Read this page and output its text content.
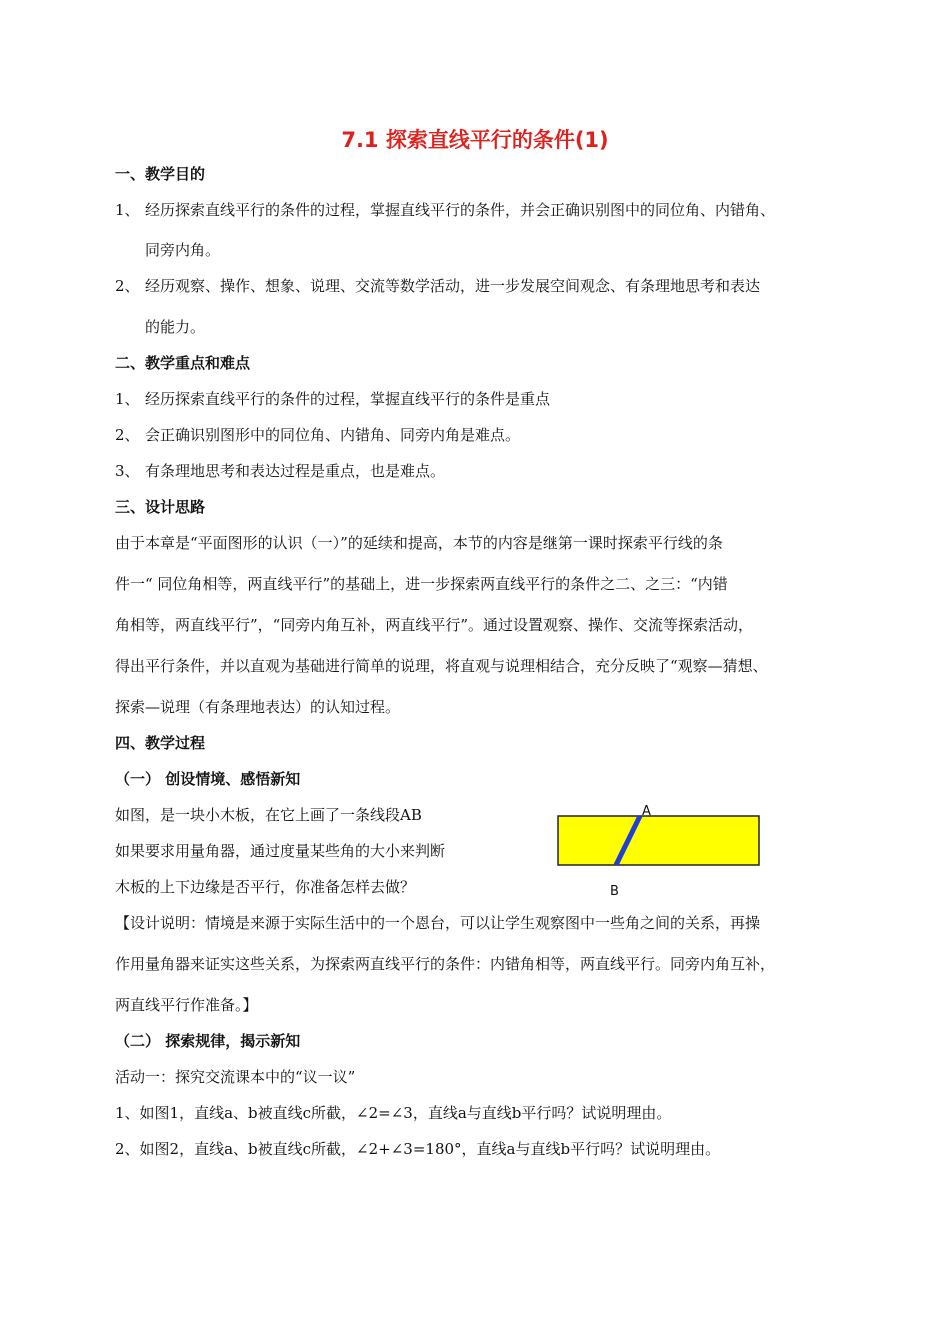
7.1 探索直线平行的条件(1)
一、教学目的
1、 经历探索直线平行的条件的过程，掌握直线平行的条件，并会正确识别图中的同位角、内错角、
同旁内角。
2、 经历观察、操作、想象、说理、交流等数学活动，进一步发展空间观念、有条理地思考和表达
的能力。
二、教学重点和难点
1、 经历探索直线平行的条件的过程，掌握直线平行的条件是重点
2、 会正确识别图形中的同位角、内错角、同旁内角是难点。
3、 有条理地思考和表达过程是重点，也是难点。
三、设计思路
由于本章是“平面图形的认识（一）”的延续和提高，本节的内容是继第一课时探索平行线的条
件一“ 同位角相等，两直线平行”的基础上，进一步探索两直线平行的条件之二、之三：“内错
角相等，两直线平行”，“同旁内角互补，两直线平行”。通过设置观察、操作、交流等探索活动，
得出平行条件，并以直观为基础进行简单的说理，将直观与说理相结合，充分反映了“观察—猜想、
探索—说理（有条理地表达）的认知过程。
四、教学过程
（一） 创设情境、感悟新知
如图，是一块小木板，在它上画了一条线段AB
如果要求用量角器，通过度量某些角的大小来判断
木板的上下边缘是否平行，你准备怎样去做？
A
B
【设计说明：情境是来源于实际生活中的一个恩台，可以让学生观察图中一些角之间的关系，再操
作用量角器来证实这些关系，为探索两直线平行的条件：内错角相等，两直线平行。同旁内角互补，
两直线平行作准备。】
（二） 探索规律，揭示新知
活动一：探究交流课本中的“议一议”
1、如图1，直线a、b被直线c所截，∠2=∠3，直线a与直线b平行吗？试说明理由。
2、如图2，直线a、b被直线c所截，∠2+∠3=180°，直线a与直线b平行吗？试说明理由。
